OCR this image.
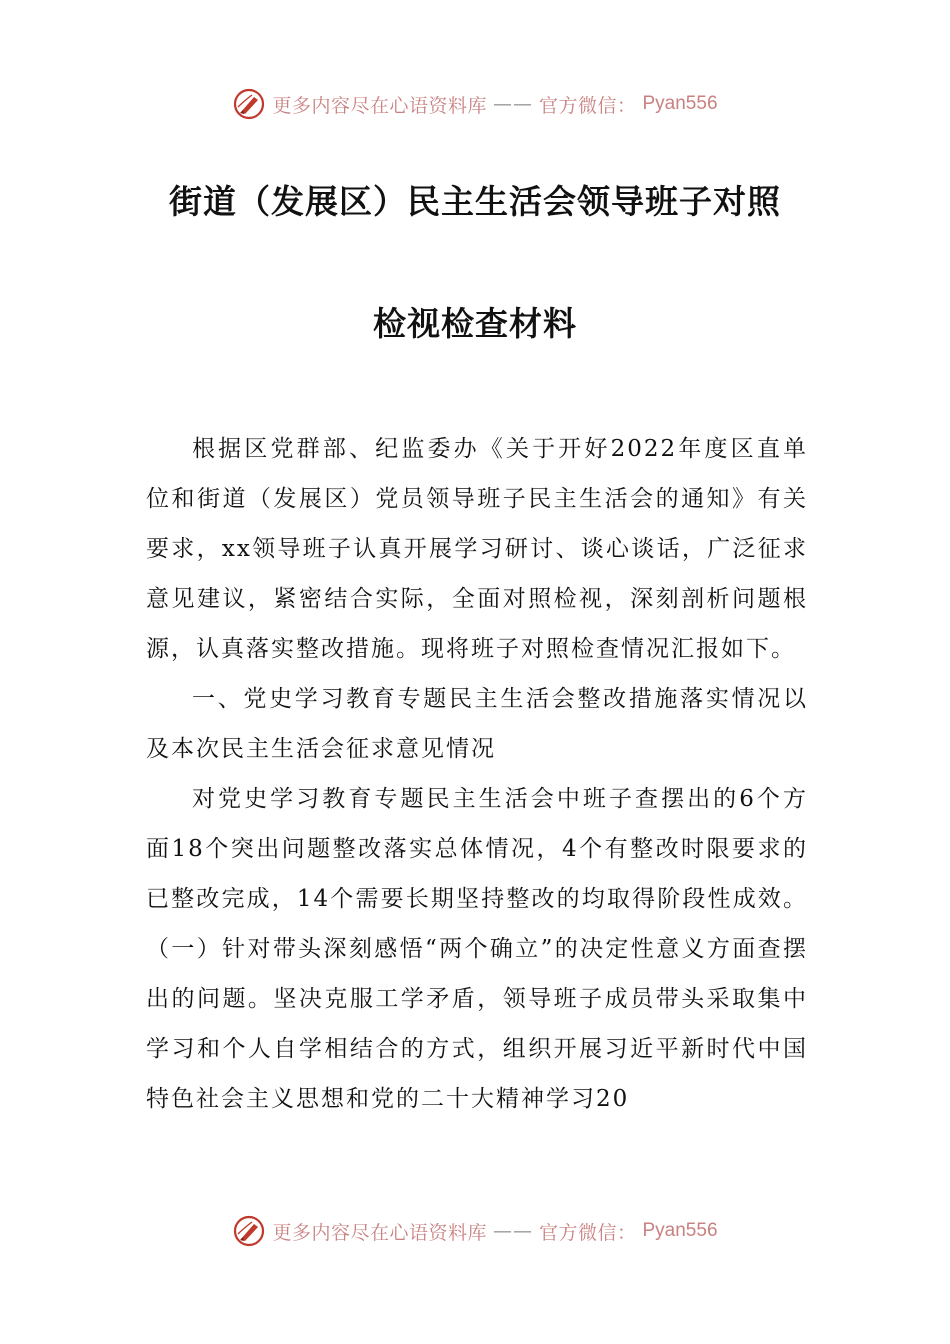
更多内容尽在心语资料库 —— 官方微信： Pyan556
街道（发展区）民主生活会领导班子对照
检视检查材料

根据区党群部、纪监委办《关于开好2022年度区直单位和街道（发展区）党员领导班子民主生活会的通知》有关要求，xx领导班子认真开展学习研讨、谈心谈话，广泛征求意见建议，紧密结合实际，全面对照检视，深刻剖析问题根源，认真落实整改措施。现将班子对照检查情况汇报如下。

一、党史学习教育专题民主生活会整改措施落实情况以及本次民主生活会征求意见情况

对党史学习教育专题民主生活会中班子查摆出的6个方面18个突出问题整改落实总体情况，4个有整改时限要求的已整改完成，14个需要长期坚持整改的均取得阶段性成效。（一）针对带头深刻感悟“两个确立”的决定性意义方面查摆出的问题。坚决克服工学矛盾，领导班子成员带头采取集中学习和个人自学相结合的方式，组织开展习近平新时代中国特色社会主义思想和党的二十大精神学习20

更多内容尽在心语资料库 —— 官方微信： Pyan556
